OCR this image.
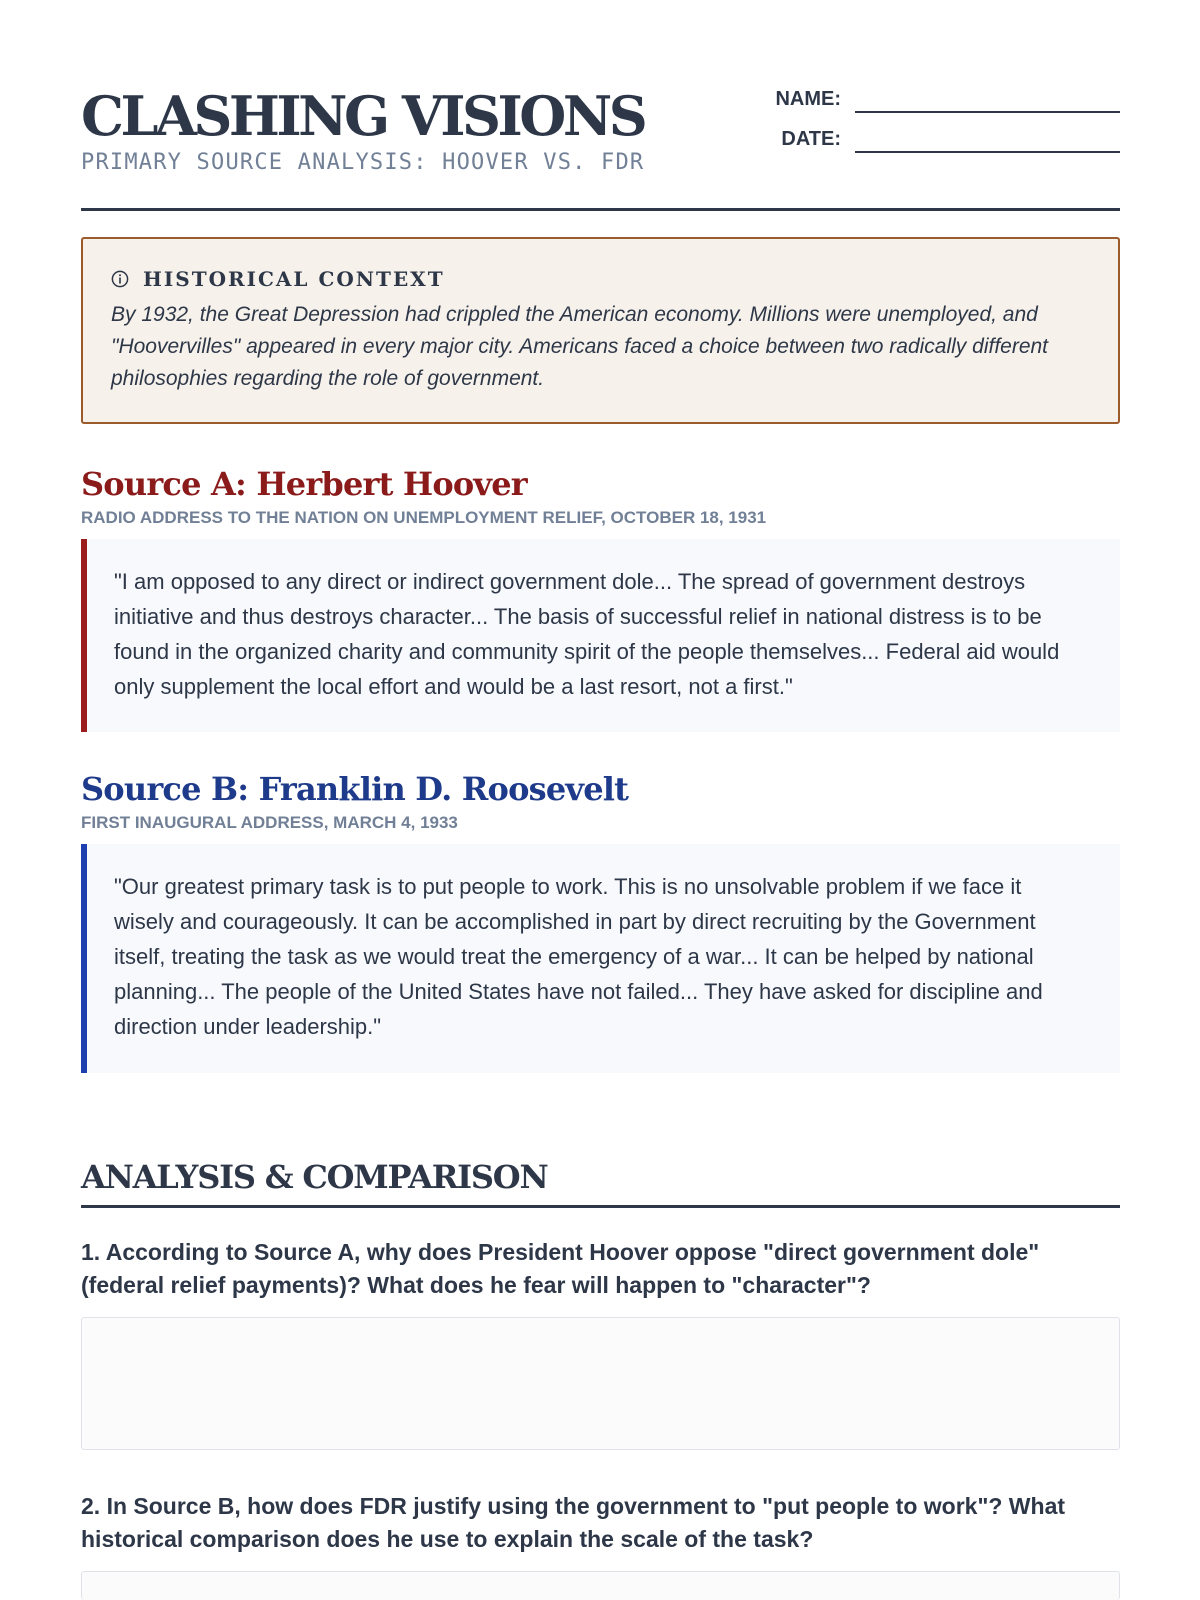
CLASHING VISIONS

PRIMARY SOURCE ANALYSIS: HOOVER VS. FDR

NAME:
DATE:
HISTORICAL CONTEXT

By 1932, the Great Depression had crippled the American economy. Millions were unemployed, and "Hoovervilles" appeared in every major city. Americans faced a choice between two radically different philosophies regarding the role of government.

Source A: Herbert Hoover

RADIO ADDRESS TO THE NATION ON UNEMPLOYMENT RELIEF, OCTOBER 18, 1931

"I am opposed to any direct or indirect government dole... The spread of government destroys initiative and thus destroys character... The basis of successful relief in national distress is to be found in the organized charity and community spirit of the people themselves... Federal aid would only supplement the local effort and would be a last resort, not a first."

Source B: Franklin D. Roosevelt

FIRST INAUGURAL ADDRESS, MARCH 4, 1933

"Our greatest primary task is to put people to work. This is no unsolvable problem if we face it wisely and courageously. It can be accomplished in part by direct recruiting by the Government itself, treating the task as we would treat the emergency of a war... It can be helped by national planning... The people of the United States have not failed... They have asked for discipline and direction under leadership."

ANALYSIS & COMPARISON

1. According to Source A, why does President Hoover oppose "direct government dole" (federal relief payments)? What does he fear will happen to "character"?

2. In Source B, how does FDR justify using the government to "put people to work"? What historical comparison does he use to explain the scale of the task?
